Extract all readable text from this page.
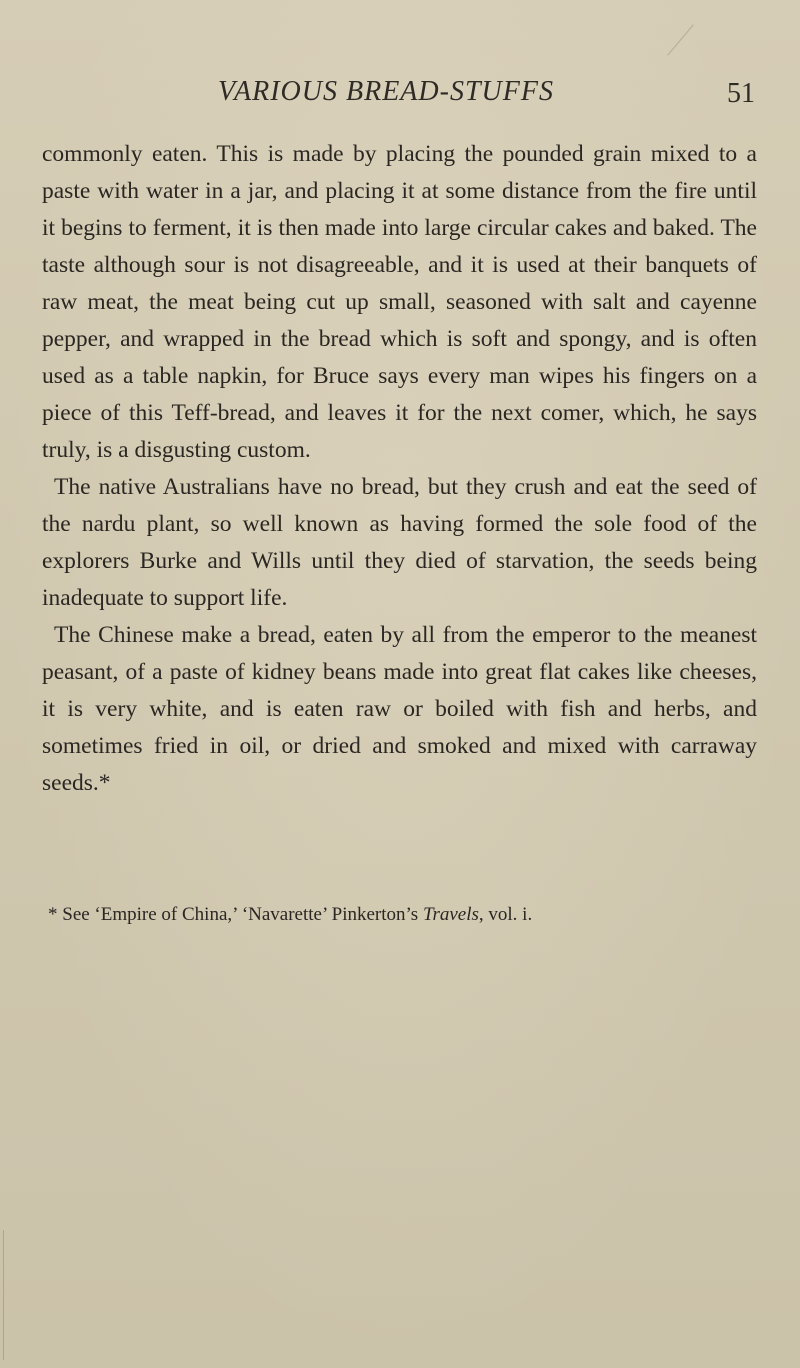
VARIOUS BREAD-STUFFS	51

commonly eaten. This is made by placing the pounded grain mixed to a paste with water in a jar, and placing it at some distance from the fire until it begins to ferment, it is then made into large circular cakes and baked. The taste although sour is not disagreeable, and it is used at their banquets of raw meat, the meat being cut up small, seasoned with salt and cayenne pepper, and wrapped in the bread which is soft and spongy, and is often used as a table napkin, for Bruce says every man wipes his fingers on a piece of this Teff-bread, and leaves it for the next comer, which, he says truly, is a disgusting custom.

The native Australians have no bread, but they crush and eat the seed of the nardu plant, so well known as having formed the sole food of the explorers Burke and Wills until they died of starvation, the seeds being inadequate to support life.

The Chinese make a bread, eaten by all from the emperor to the meanest peasant, of a paste of kidney beans made into great flat cakes like cheeses, it is very white, and is eaten raw or boiled with fish and herbs, and sometimes fried in oil, or dried and smoked and mixed with carraway seeds.*

* See ‘Empire of China,’ ‘Navarette’ Pinkerton’s Travels, vol. i.
